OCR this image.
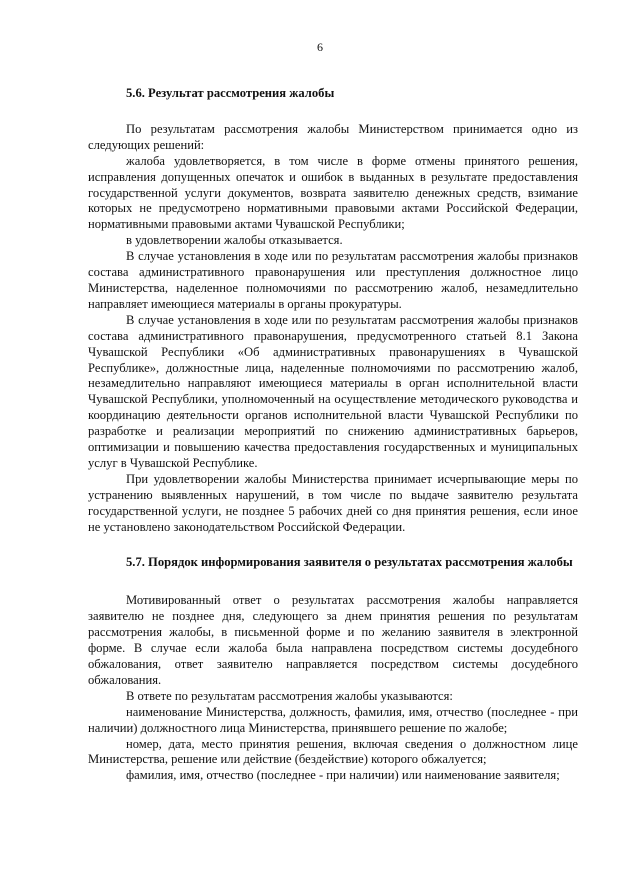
6
5.6. Результат рассмотрения жалобы

По результатам рассмотрения жалобы Министерством принимается одно из следующих решений:

жалоба удовлетворяется, в том числе в форме отмены принятого решения, исправления допущенных опечаток и ошибок в выданных в результате предоставления государственной услуги документов, возврата заявителю денежных средств, взимание которых не предусмотрено нормативными правовыми актами Российской Федерации, нормативными правовыми актами Чувашской Республики;

в удовлетворении жалобы отказывается.

В случае установления в ходе или по результатам рассмотрения жалобы признаков состава административного правонарушения или преступления должностное лицо Министерства, наделенное полномочиями по рассмотрению жалоб, незамедлительно направляет имеющиеся материалы в органы прокуратуры.

В случае установления в ходе или по результатам рассмотрения жалобы признаков состава административного правонарушения, предусмотренного статьей 8.1 Закона Чувашской Республики «Об административных правонарушениях в Чувашской Республике», должностные лица, наделенные полномочиями по рассмотрению жалоб, незамедлительно направляют имеющиеся материалы в орган исполнительной власти Чувашской Республики, уполномоченный на осуществление методического руководства и координацию деятельности органов исполнительной власти Чувашской Республики по разработке и реализации мероприятий по снижению административных барьеров, оптимизации и повышению качества предоставления государственных и муниципальных услуг в Чувашской Республике.

При удовлетворении жалобы Министерства принимает исчерпывающие меры по устранению выявленных нарушений, в том числе по выдаче заявителю результата государственной услуги, не позднее 5 рабочих дней со дня принятия решения, если иное не установлено законодательством Российской Федерации.

5.7. Порядок информирования заявителя о результатах рассмотрения жалобы

Мотивированный ответ о результатах рассмотрения жалобы направляется заявителю не позднее дня, следующего за днем принятия решения по результатам рассмотрения жалобы, в письменной форме и по желанию заявителя в электронной форме. В случае если жалоба была направлена посредством системы досудебного обжалования, ответ заявителю направляется посредством системы досудебного обжалования.

В ответе по результатам рассмотрения жалобы указываются:

наименование Министерства, должность, фамилия, имя, отчество (последнее - при наличии) должностного лица Министерства, принявшего решение по жалобе;

номер, дата, место принятия решения, включая сведения о должностном лице Министерства, решение или действие (бездействие) которого обжалуется;

фамилия, имя, отчество (последнее - при наличии) или наименование заявителя;
